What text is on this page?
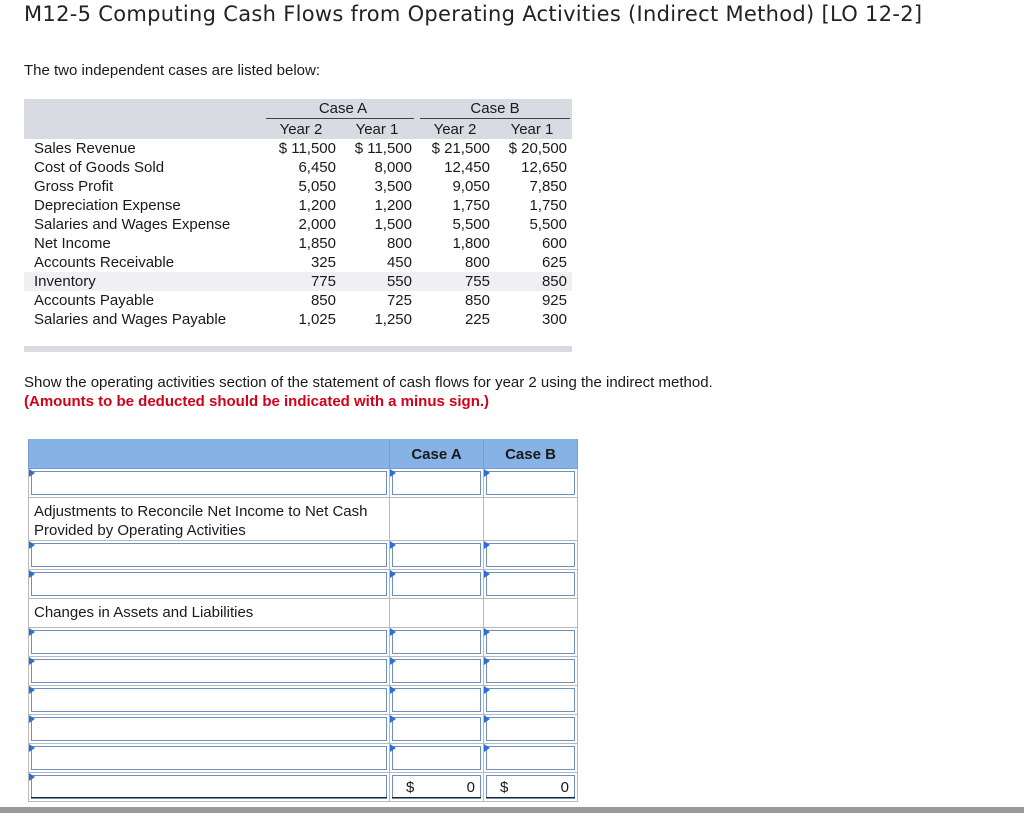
M12-5 Computing Cash Flows from Operating Activities (Indirect Method) [LO 12-2]
The two independent cases are listed below:
Case A	Case B
Year 2	Year 1	Year 2	Year 1
Sales Revenue	$ 11,500	$ 11,500	$ 21,500	$ 20,500
Cost of Goods Sold	6,450	8,000	12,450	12,650
Gross Profit	5,050	3,500	9,050	7,850
Depreciation Expense	1,200	1,200	1,750	1,750
Salaries and Wages Expense	2,000	1,500	5,500	5,500
Net Income	1,850	800	1,800	600
Accounts Receivable	325	450	800	625
Inventory	775	550	755	850
Accounts Payable	850	725	850	925
Salaries and Wages Payable	1,025	1,250	225	300
Show the operating activities section of the statement of cash flows for year 2 using the indirect method.
(Amounts to be deducted should be indicated with a minus sign.)
Case A	Case B
Adjustments to Reconcile Net Income to Net Cash Provided by Operating Activities
Changes in Assets and Liabilities
$	0 $	0
